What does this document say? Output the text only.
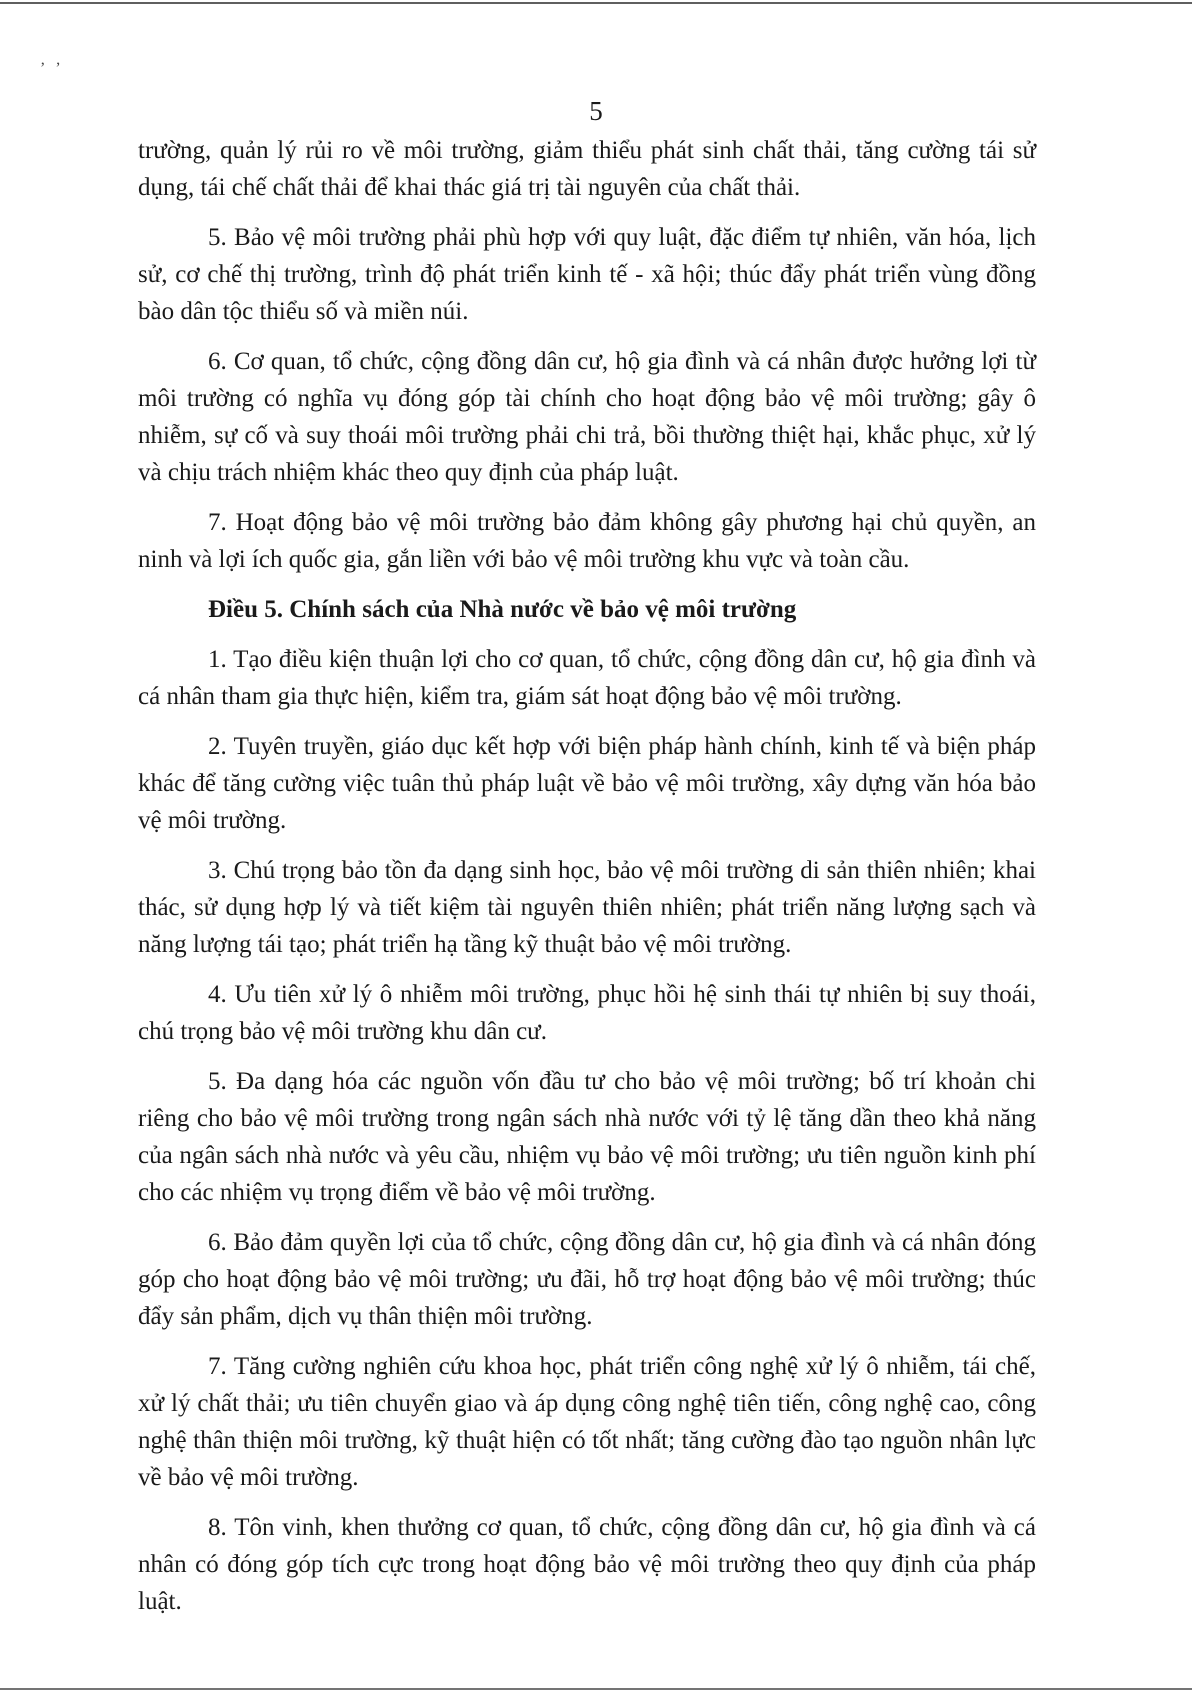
ʼ ʼ

5

trường, quản lý rủi ro về môi trường, giảm thiểu phát sinh chất thải, tăng cường tái sử dụng, tái chế chất thải để khai thác giá trị tài nguyên của chất thải.

5. Bảo vệ môi trường phải phù hợp với quy luật, đặc điểm tự nhiên, văn hóa, lịch sử, cơ chế thị trường, trình độ phát triển kinh tế - xã hội; thúc đẩy phát triển vùng đồng bào dân tộc thiểu số và miền núi.

6. Cơ quan, tổ chức, cộng đồng dân cư, hộ gia đình và cá nhân được hưởng lợi từ môi trường có nghĩa vụ đóng góp tài chính cho hoạt động bảo vệ môi trường; gây ô nhiễm, sự cố và suy thoái môi trường phải chi trả, bồi thường thiệt hại, khắc phục, xử lý và chịu trách nhiệm khác theo quy định của pháp luật.

7. Hoạt động bảo vệ môi trường bảo đảm không gây phương hại chủ quyền, an ninh và lợi ích quốc gia, gắn liền với bảo vệ môi trường khu vực và toàn cầu.

Điều 5. Chính sách của Nhà nước về bảo vệ môi trường

1. Tạo điều kiện thuận lợi cho cơ quan, tổ chức, cộng đồng dân cư, hộ gia đình và cá nhân tham gia thực hiện, kiểm tra, giám sát hoạt động bảo vệ môi trường.

2. Tuyên truyền, giáo dục kết hợp với biện pháp hành chính, kinh tế và biện pháp khác để tăng cường việc tuân thủ pháp luật về bảo vệ môi trường, xây dựng văn hóa bảo vệ môi trường.

3. Chú trọng bảo tồn đa dạng sinh học, bảo vệ môi trường di sản thiên nhiên; khai thác, sử dụng hợp lý và tiết kiệm tài nguyên thiên nhiên; phát triển năng lượng sạch và năng lượng tái tạo; phát triển hạ tầng kỹ thuật bảo vệ môi trường.

4. Ưu tiên xử lý ô nhiễm môi trường, phục hồi hệ sinh thái tự nhiên bị suy thoái, chú trọng bảo vệ môi trường khu dân cư.

5. Đa dạng hóa các nguồn vốn đầu tư cho bảo vệ môi trường; bố trí khoản chi riêng cho bảo vệ môi trường trong ngân sách nhà nước với tỷ lệ tăng dần theo khả năng của ngân sách nhà nước và yêu cầu, nhiệm vụ bảo vệ môi trường; ưu tiên nguồn kinh phí cho các nhiệm vụ trọng điểm về bảo vệ môi trường.

6. Bảo đảm quyền lợi của tổ chức, cộng đồng dân cư, hộ gia đình và cá nhân đóng góp cho hoạt động bảo vệ môi trường; ưu đãi, hỗ trợ hoạt động bảo vệ môi trường; thúc đẩy sản phẩm, dịch vụ thân thiện môi trường.

7. Tăng cường nghiên cứu khoa học, phát triển công nghệ xử lý ô nhiễm, tái chế, xử lý chất thải; ưu tiên chuyển giao và áp dụng công nghệ tiên tiến, công nghệ cao, công nghệ thân thiện môi trường, kỹ thuật hiện có tốt nhất; tăng cường đào tạo nguồn nhân lực về bảo vệ môi trường.

8. Tôn vinh, khen thưởng cơ quan, tổ chức, cộng đồng dân cư, hộ gia đình và cá nhân có đóng góp tích cực trong hoạt động bảo vệ môi trường theo quy định của pháp luật.
